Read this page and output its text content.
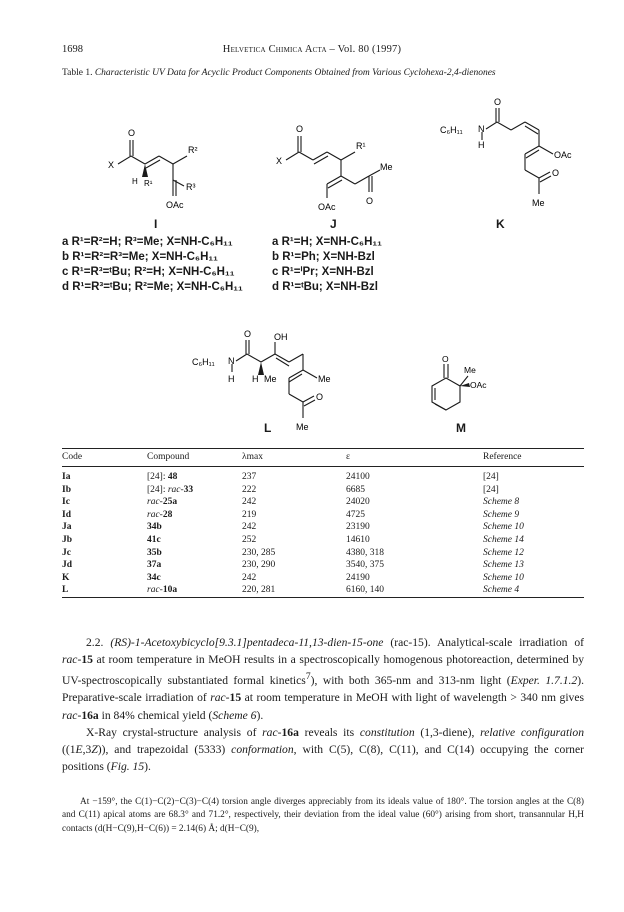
1698	Helvetica Chimica Acta – Vol. 80 (1997)
Table 1. Characteristic UV Data for Acyclic Product Components Obtained from Various Cyclohexa-2,4-dienones
O
X
R²
R³
H R¹
OAc
I
O
X
R¹
Me
OAc
O
J
O
C₆H₁₁ N
H
OAc
O
Me
K
a R¹=R²=H; R³=Me; X=NH-C₆H₁₁
b R¹=R²=R³=Me; X=NH-C₆H₁₁
c R¹=R³=ᵗBu; R²=H; X=NH-C₆H₁₁
d R¹=R³=ᵗBu; R²=Me; X=NH-C₆H₁₁
a R¹=H; X=NH-C₆H₁₁
b R¹=Ph; X=NH-Bzl
c R¹=ⁱPr; X=NH-Bzl
d R¹=ᵗBu; X=NH-Bzl
O	OH
C₆H₁₁ N
H H Me	Me
O
Me
L
O
Me
OAc
M
Code	Compound	λmax	ε	Reference
Ia	[24]: 48	237	24100	[24]
Ib	[24]: rac-33	222	6685	[24]
Ic	rac-25a	242	24020	Scheme 8
Id	rac-28	219	4725	Scheme 9
Ja	34b	242	23190	Scheme 10
Jb	41c	252	14610	Scheme 14
Jc	35b	230, 285	4380, 318	Scheme 12
Jd	37a	230, 290	3540, 375	Scheme 13
K	34c	242	24190	Scheme 10
L	rac-10a	220, 281	6160, 140	Scheme 4

2.2. (RS)-1-Acetoxybicyclo[9.3.1]pentadeca-11,13-dien-15-one (rac-15). Analytical-scale irradiation of rac-15 at room temperature in MeOH results in a spectroscopically homogenous photoreaction, determined by UV-spectroscopically substantiated formal kinetics$^7$), with both 365-nm and 313-nm light (Exper. 1.7.1.2). Preparative-scale irradiation of rac-15 at room temperature in MeOH with light of wavelength > 340 nm gives rac-16a in 84% chemical yield (Scheme 6).

X-Ray crystal-structure analysis of rac-16a reveals its constitution (1,3-diene), relative configuration ((1E,3Z)), and trapezoidal (5333) conformation, with C(5), C(8), C(11), and C(14) occupying the corner positions (Fig. 15).

At −159°, the C(1)−C(2)−C(3)−C(4) torsion angle diverges appreciably from its ideals value of 180°. The torsion angles at the C(8) and C(11) apical atoms are 68.3° and 71.2°, respectively, their deviation from the ideal value (60°) arising from short, transannular H,H contacts (d(H−C(9),H−C(6)) = 2.14(6) Å; d(H−C(9),
